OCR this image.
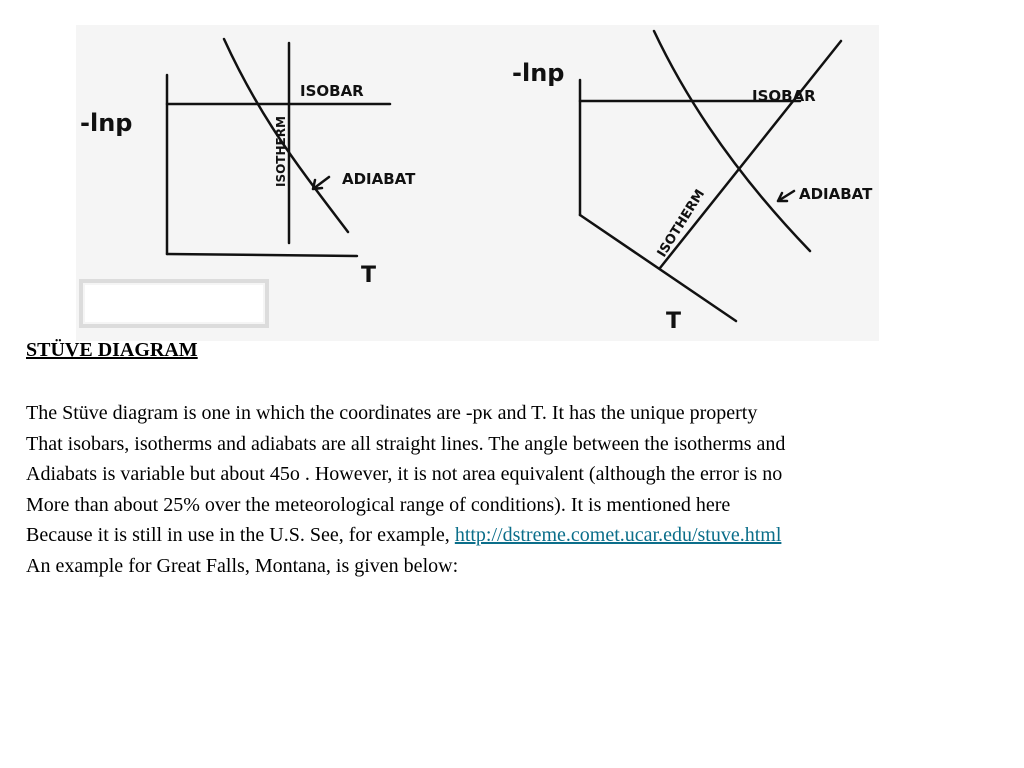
-lnp
T
ISOBAR
ISOTHERM	ADIABAT
-lnp
T
ISOBAR
ISOTHERM	ADIABAT
STÜVE DIAGRAM
The Stüve diagram is one in which the coordinates are -pκ and T. It has the unique property
That isobars, isotherms and adiabats are all straight lines. The angle between the isotherms and
Adiabats is variable but about 45o . However, it is not area equivalent (although the error is no
More than about 25% over the meteorological range of conditions). It is mentioned here
Because it is still in use in the U.S. See, for example, http://dstreme.comet.ucar.edu/stuve.html
An example for Great Falls, Montana, is given below:
